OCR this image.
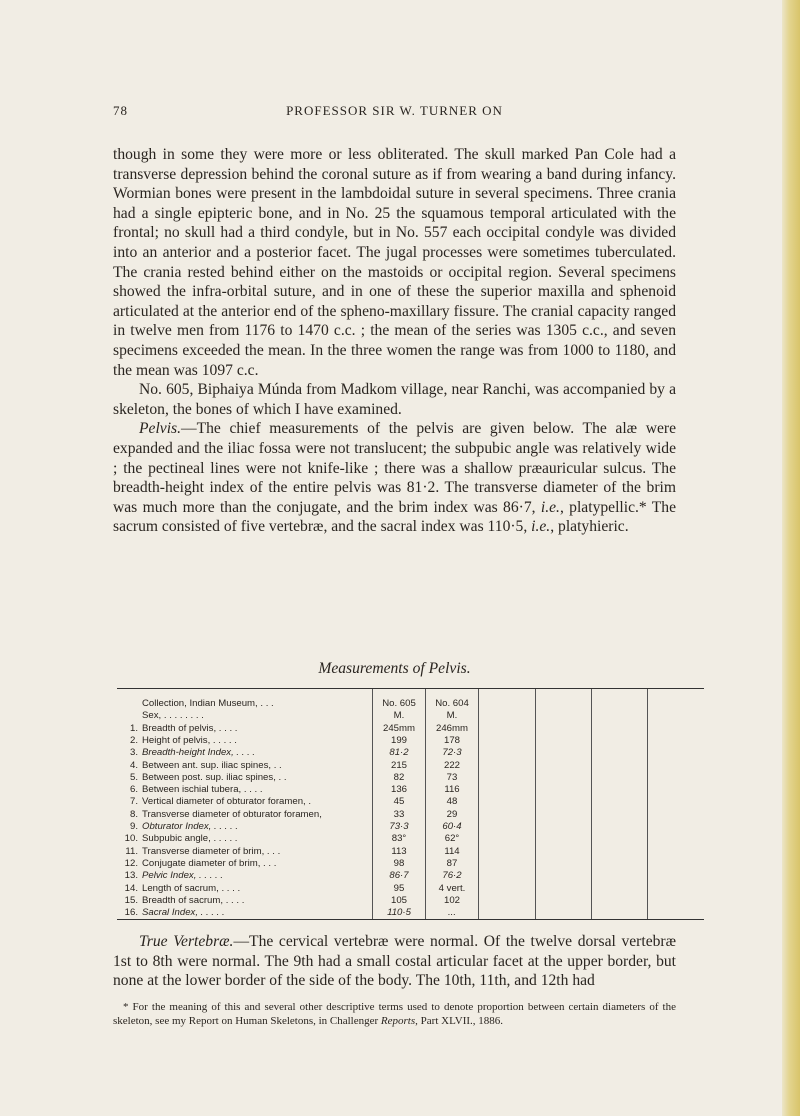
78	PROFESSOR SIR W. TURNER ON

though in some they were more or less obliterated. The skull marked Pan Cole had a transverse depression behind the coronal suture as if from wearing a band during infancy. Wormian bones were present in the lambdoidal suture in several specimens. Three crania had a single epipteric bone, and in No. 25 the squamous temporal articulated with the frontal; no skull had a third condyle, but in No. 557 each occipital condyle was divided into an anterior and a posterior facet. The jugal processes were sometimes tuberculated. The crania rested behind either on the mastoids or occipital region. Several specimens showed the infra-orbital suture, and in one of these the superior maxilla and sphenoid articulated at the anterior end of the spheno-maxillary fissure. The cranial capacity ranged in twelve men from 1176 to 1470 c.c. ; the mean of the series was 1305 c.c., and seven specimens exceeded the mean. In the three women the range was from 1000 to 1180, and the mean was 1097 c.c.

No. 605, Biphaiya Múnda from Madkom village, near Ranchi, was accompanied by a skeleton, the bones of which I have examined.

Pelvis.—The chief measurements of the pelvis are given below. The alæ were expanded and the iliac fossa were not translucent; the subpubic angle was relatively wide ; the pectineal lines were not knife-like ; there was a shallow præauricular sulcus. The breadth-height index of the entire pelvis was 81·2. The transverse diameter of the brim was much more than the conjugate, and the brim index was 86·7, i.e., platypellic.* The sacrum consisted of five vertebræ, and the sacral index was 110·5, i.e., platyhieric.

Measurements of Pelvis.
Collection, Indian Museum, . . .	No. 605	No. 604
Sex, . . . . . . . .	M.	M.
1. Breadth of pelvis, . . . .	245mm	246mm
2. Height of pelvis, . . . . .	199	178
3. Breadth-height Index, . . . .	81·2	72·3
4. Between ant. sup. iliac spines, . .	215	222
5. Between post. sup. iliac spines, . .	82	73
6. Between ischial tubera, . . . .	136	116
7. Vertical diameter of obturator foramen, .	45	48
8. Transverse diameter of obturator foramen,	33	29
9. Obturator Index, . . . . .	73·3	60·4
10. Subpubic angle, . . . . .	83°	62°
11. Transverse diameter of brim, . . .	113	114
12. Conjugate diameter of brim, . . .	98	87
13. Pelvic Index, . . . . .	86·7	76·2
14. Length of sacrum, . . . .	95	4 vert.
15. Breadth of sacrum, . . . .	105	102
16. Sacral Index, . . . . .	110·5	...

True Vertebræ.—The cervical vertebræ were normal. Of the twelve dorsal vertebræ 1st to 8th were normal. The 9th had a small costal articular facet at the upper border, but none at the lower border of the side of the body. The 10th, 11th, and 12th had

* For the meaning of this and several other descriptive terms used to denote proportion between certain diameters of the skeleton, see my Report on Human Skeletons, in Challenger Reports, Part XLVII., 1886.
